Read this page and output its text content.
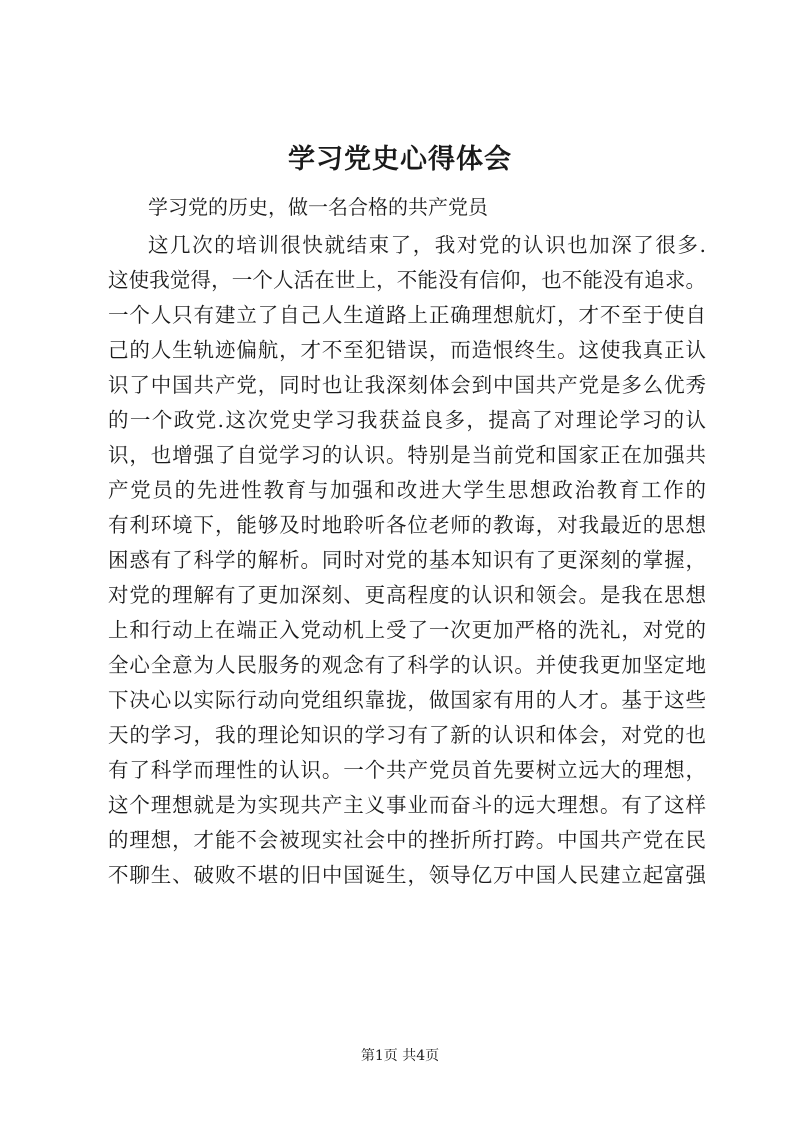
学习党史心得体会
学习党的历史，做一名合格的共产党员
这几次的培训很快就结束了，我对党的认识也加深了很多.
这使我觉得，一个人活在世上，不能没有信仰，也不能没有追求。
一个人只有建立了自己人生道路上正确理想航灯，才不至于使自
己的人生轨迹偏航，才不至犯错误，而造恨终生。这使我真正认
识了中国共产党，同时也让我深刻体会到中国共产党是多么优秀
的一个政党.这次党史学习我获益良多，提高了对理论学习的认
识，也增强了自觉学习的认识。特别是当前党和国家正在加强共
产党员的先进性教育与加强和改进大学生思想政治教育工作的
有利环境下，能够及时地聆听各位老师的教诲，对我最近的思想
困惑有了科学的解析。同时对党的基本知识有了更深刻的掌握，
对党的理解有了更加深刻、更高程度的认识和领会。是我在思想
上和行动上在端正入党动机上受了一次更加严格的洗礼，对党的
全心全意为人民服务的观念有了科学的认识。并使我更加坚定地
下决心以实际行动向党组织靠拢，做国家有用的人才。基于这些
天的学习，我的理论知识的学习有了新的认识和体会，对党的也
有了科学而理性的认识。一个共产党员首先要树立远大的理想，
这个理想就是为实现共产主义事业而奋斗的远大理想。有了这样
的理想，才能不会被现实社会中的挫折所打跨。中国共产党在民
不聊生、破败不堪的旧中国诞生，领导亿万中国人民建立起富强
第1页 共4页
